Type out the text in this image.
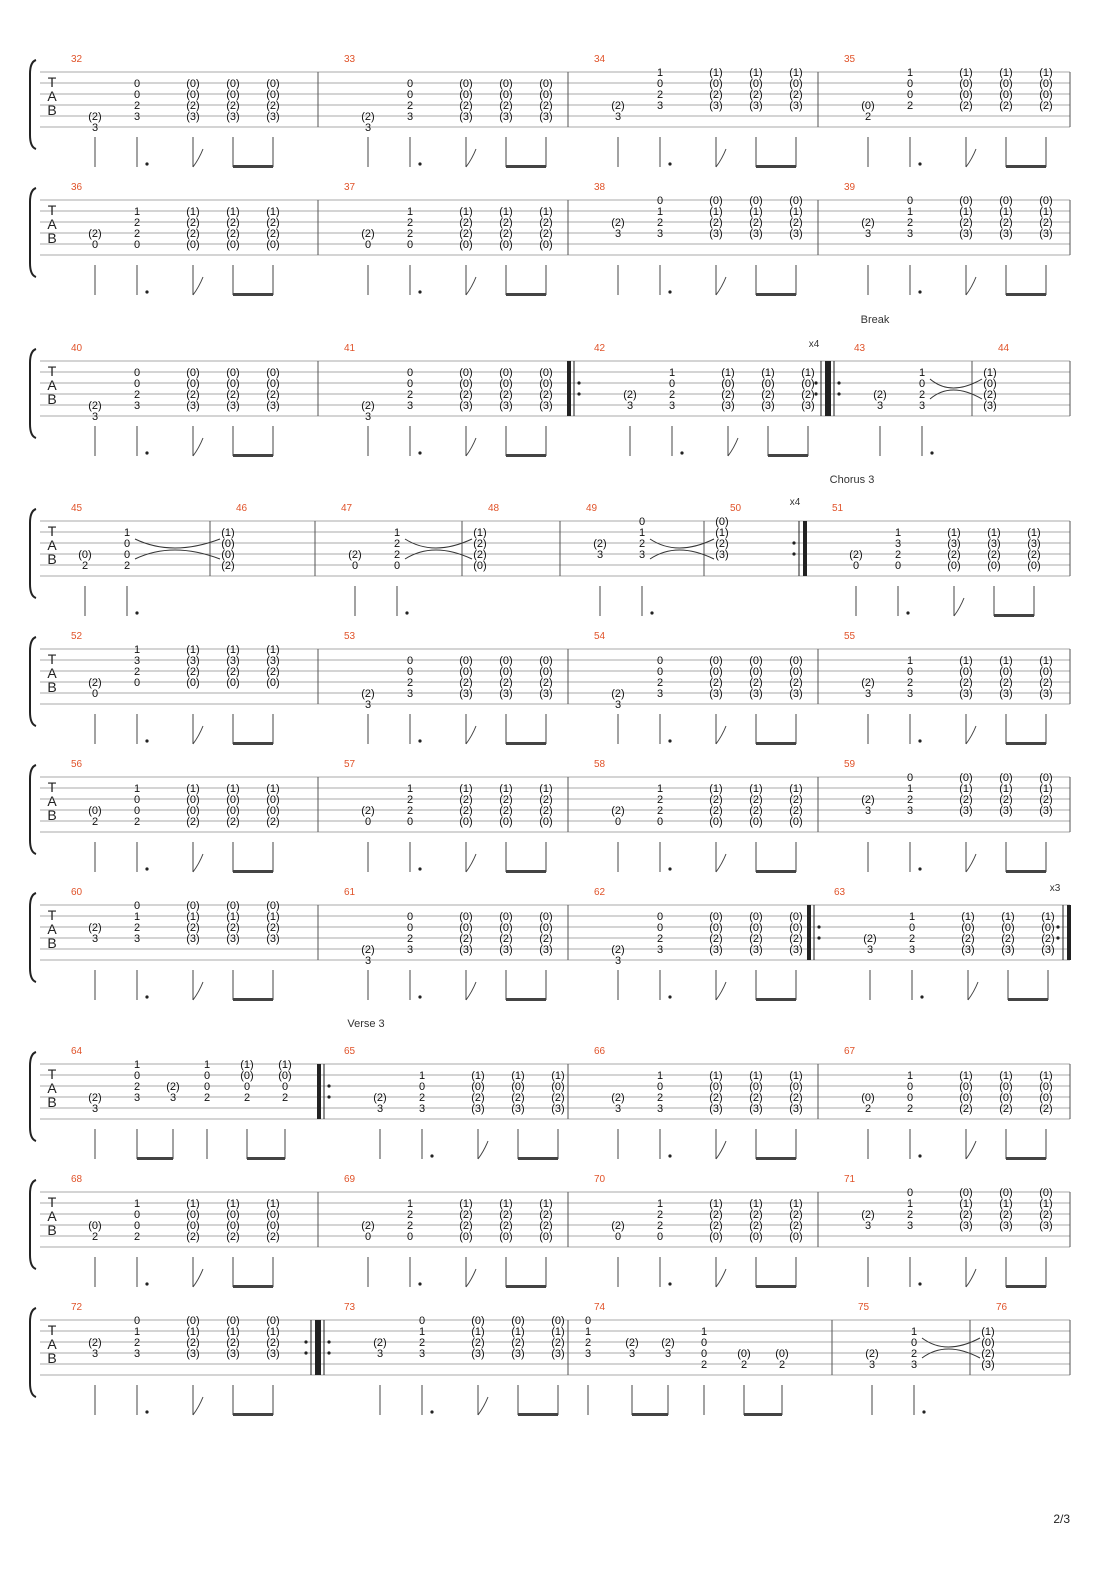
T
A
B
32
(2)
3
0
0
2
3
(0)
(0)
(2)
(3)
(0)
(0)
(2)
(3)
(0)
(0)
(2)
(3)
33
(2)
3
0
0
2
3
(0)
(0)
(2)
(3)
(0)
(0)
(2)
(3)
(0)
(0)
(2)
(3)
34
(2)
3
1
0
2
3
(1)
(0)
(2)
(3)
(1)
(0)
(2)
(3)
(1)
(0)
(2)
(3)
35
(0)
2
1
0
0
2
(1)
(0)
(0)
(2)
(1)
(0)
(0)
(2)
(1)
(0)
(0)
(2)
T
A
B
36
(2)
0
1
2
2
0
(1)
(2)
(2)
(0)
(1)
(2)
(2)
(0)
(1)
(2)
(2)
(0)
37
(2)
0
1
2
2
0
(1)
(2)
(2)
(0)
(1)
(2)
(2)
(0)
(1)
(2)
(2)
(0)
38
(2)
3
0
1
2
3
(0)
(1)
(2)
(3)
(0)
(1)
(2)
(3)
(0)
(1)
(2)
(3)
39
(2)
3
0
1
2
3
(0)
(1)
(2)
(3)
(0)
(1)
(2)
(3)
(0)
(1)
(2)
(3)
T
A
B
40
(2)
3
0
0
2
3
(0)
(0)
(2)
(3)
(0)
(0)
(2)
(3)
(0)
(0)
(2)
(3)
41
(2)
3
0
0
2
3
(0)
(0)
(2)
(3)
(0)
(0)
(2)
(3)
(0)
(0)
(2)
(3)
42
(2)
3
1
0
2
3
(1)
(0)
(2)
(3)
(1)
(0)
(2)
(3)
(1)
(0)
(2)
(3)
43
(2)
3
1
0
2
3
44
(1)
(0)
(2)
(3)
T
A
B
45
(0)
2
1
0
0
2
46
(1)
(0)
(0)
(2)
47
(2)
0
1
2
2
0
48
(1)
(2)
(2)
(0)
49
(2)
3
0
1
2
3
50
(0)
(1)
(2)
(3)
51
(2)
0
1
3
2
0
(1)
(3)
(2)
(0)
(1)
(3)
(2)
(0)
(1)
(3)
(2)
(0)
T
A
B
52
(2)
0
1
3
2
0
(1)
(3)
(2)
(0)
(1)
(3)
(2)
(0)
(1)
(3)
(2)
(0)
53
(2)
3
0
0
2
3
(0)
(0)
(2)
(3)
(0)
(0)
(2)
(3)
(0)
(0)
(2)
(3)
54
(2)
3
0
0
2
3
(0)
(0)
(2)
(3)
(0)
(0)
(2)
(3)
(0)
(0)
(2)
(3)
55
(2)
3
1
0
2
3
(1)
(0)
(2)
(3)
(1)
(0)
(2)
(3)
(1)
(0)
(2)
(3)
T
A
B
56
(0)
2
1
0
0
2
(1)
(0)
(0)
(2)
(1)
(0)
(0)
(2)
(1)
(0)
(0)
(2)
57
(2)
0
1
2
2
0
(1)
(2)
(2)
(0)
(1)
(2)
(2)
(0)
(1)
(2)
(2)
(0)
58
(2)
0
1
2
2
0
(1)
(2)
(2)
(0)
(1)
(2)
(2)
(0)
(1)
(2)
(2)
(0)
59
(2)
3
0
1
2
3
(0)
(1)
(2)
(3)
(0)
(1)
(2)
(3)
(0)
(1)
(2)
(3)
T
A
B
60
(2)
3
0
1
2
3
(0)
(1)
(2)
(3)
(0)
(1)
(2)
(3)
(0)
(1)
(2)
(3)
61
(2)
3
0
0
2
3
(0)
(0)
(2)
(3)
(0)
(0)
(2)
(3)
(0)
(0)
(2)
(3)
62
(2)
3
0
0
2
3
(0)
(0)
(2)
(3)
(0)
(0)
(2)
(3)
(0)
(0)
(2)
(3)
63
(2)
3
1
0
2
3
(1)
(0)
(2)
(3)
(1)
(0)
(2)
(3)
(1)
(0)
(2)
(3)
T
A
B
64
(2)
3
1
0
2
3
(2)
3
1
0
0
2
(1)
(0)
0
2
(1)
(0)
0
2
65
(2)
3
1
0
2
3
(1)
(0)
(2)
(3)
(1)
(0)
(2)
(3)
(1)
(0)
(2)
(3)
66
(2)
3
1
0
2
3
(1)
(0)
(2)
(3)
(1)
(0)
(2)
(3)
(1)
(0)
(2)
(3)
67
(0)
2
1
0
0
2
(1)
(0)
(0)
(2)
(1)
(0)
(0)
(2)
(1)
(0)
(0)
(2)
T
A
B
68
(0)
2
1
0
0
2
(1)
(0)
(0)
(2)
(1)
(0)
(0)
(2)
(1)
(0)
(0)
(2)
69
(2)
0
1
2
2
0
(1)
(2)
(2)
(0)
(1)
(2)
(2)
(0)
(1)
(2)
(2)
(0)
70
(2)
0
1
2
2
0
(1)
(2)
(2)
(0)
(1)
(2)
(2)
(0)
(1)
(2)
(2)
(0)
71
(2)
3
0
1
2
3
(0)
(1)
(2)
(3)
(0)
(1)
(2)
(3)
(0)
(1)
(2)
(3)
T
A
B
72
(2)
3
0
1
2
3
(0)
(1)
(2)
(3)
(0)
(1)
(2)
(3)
(0)
(1)
(2)
(3)
73
(2)
3
0
1
2
3
(0)
(1)
(2)
(3)
(0)
(1)
(2)
(3)
(0)
(1)
(2)
(3)
74
0
1
2
3
(2)
3
(2)
3
1
0
0
2
(0)
2
(0)
2
75
(2)
3
1
0
2
3
76
(1)
(0)
(2)
(3)
Break
Chorus 3
Verse 3
x4
x4
x3
2/3
